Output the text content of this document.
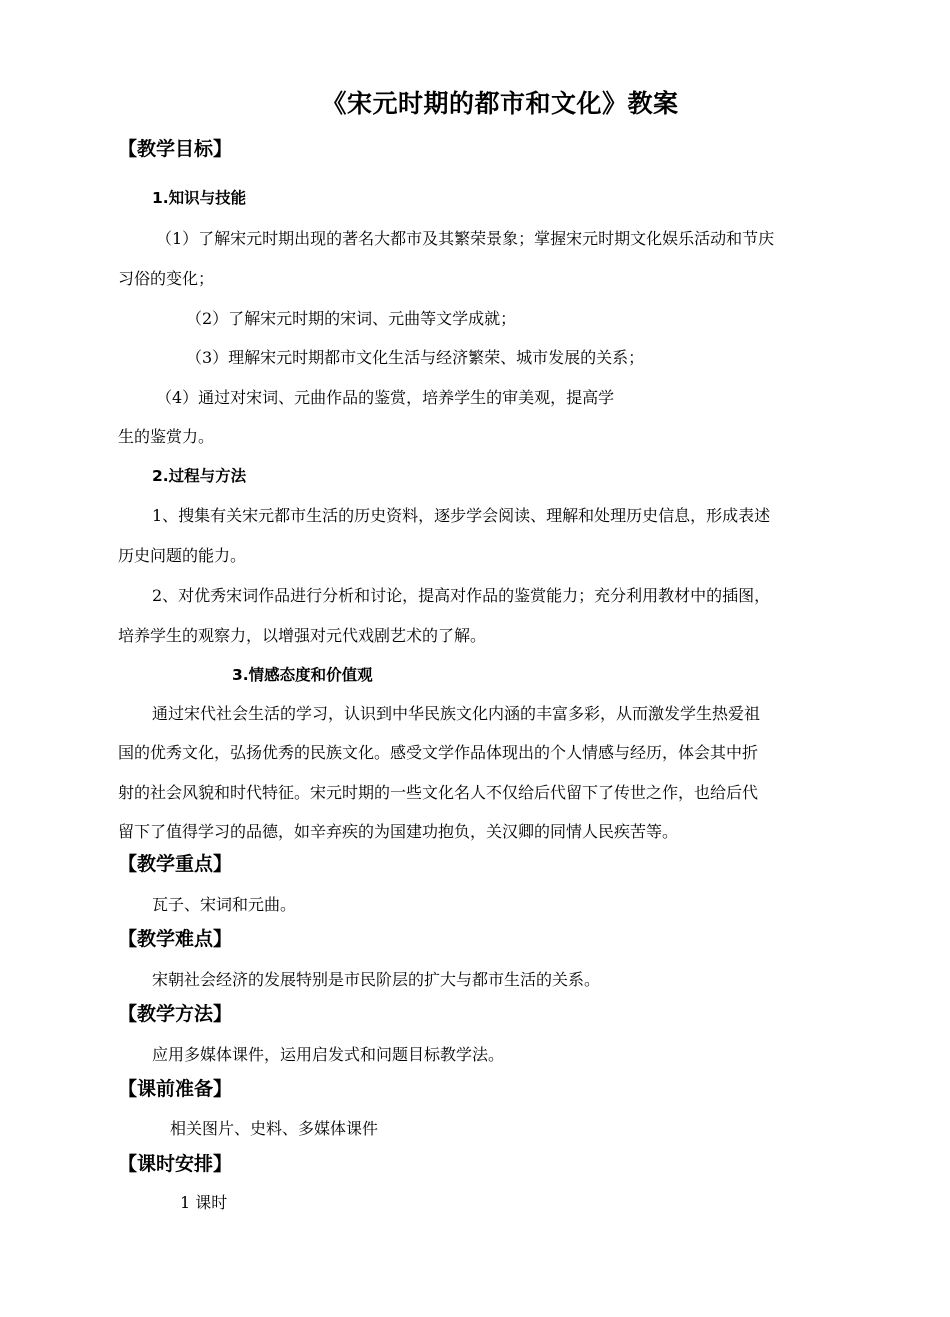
《宋元时期的都市和文化》教案
【教学目标】
1.知识与技能
（1）了解宋元时期出现的著名大都市及其繁荣景象；掌握宋元时期文化娱乐活动和节庆
习俗的变化；
（2）了解宋元时期的宋词、元曲等文学成就；
（3）理解宋元时期都市文化生活与经济繁荣、城市发展的关系；
（4）通过对宋词、元曲作品的鉴赏，培养学生的审美观，提高学
生的鉴赏力。
2.过程与方法
1、搜集有关宋元都市生活的历史资料，逐步学会阅读、理解和处理历史信息，形成表述
历史问题的能力。
2、对优秀宋词作品进行分析和讨论，提高对作品的鉴赏能力；充分利用教材中的插图，
培养学生的观察力，以增强对元代戏剧艺术的了解。
3.情感态度和价值观
通过宋代社会生活的学习，认识到中华民族文化内涵的丰富多彩，从而激发学生热爱祖
国的优秀文化，弘扬优秀的民族文化。感受文学作品体现出的个人情感与经历，体会其中折
射的社会风貌和时代特征。宋元时期的一些文化名人不仅给后代留下了传世之作，也给后代
留下了值得学习的品德，如辛弃疾的为国建功抱负，关汉卿的同情人民疾苦等。
【教学重点】
瓦子、宋词和元曲。
【教学难点】
宋朝社会经济的发展特别是市民阶层的扩大与都市生活的关系。
【教学方法】
应用多媒体课件，运用启发式和问题目标教学法。
【课前准备】
相关图片、史料、多媒体课件
【课时安排】
1 课时
